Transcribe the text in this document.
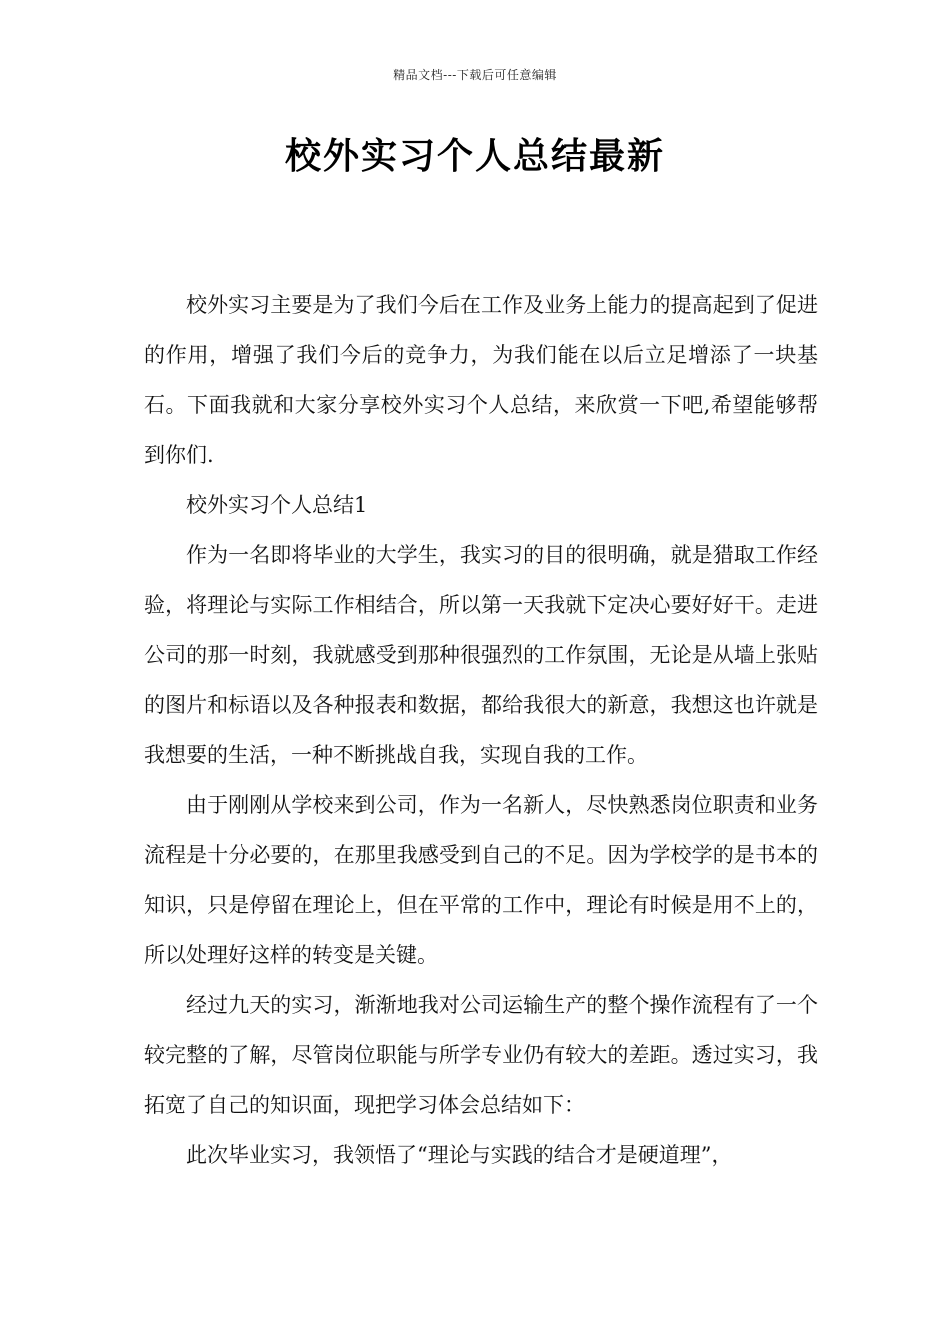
精品文档---下载后可任意编辑
校外实习个人总结最新

校外实习主要是为了我们今后在工作及业务上能力的提高起到了促进的作用，增强了我们今后的竞争力，为我们能在以后立足增添了一块基石。下面我就和大家分享校外实习个人总结，来欣赏一下吧,希望能够帮到你们.

校外实习个人总结1

作为一名即将毕业的大学生，我实习的目的很明确，就是猎取工作经验，将理论与实际工作相结合，所以第一天我就下定决心要好好干。走进公司的那一时刻，我就感受到那种很强烈的工作氛围，无论是从墙上张贴的图片和标语以及各种报表和数据，都给我很大的新意，我想这也许就是我想要的生活，一种不断挑战自我，实现自我的工作。

由于刚刚从学校来到公司，作为一名新人，尽快熟悉岗位职责和业务流程是十分必要的，在那里我感受到自己的不足。因为学校学的是书本的知识，只是停留在理论上，但在平常的工作中，理论有时候是用不上的，所以处理好这样的转变是关键。

经过九天的实习，渐渐地我对公司运输生产的整个操作流程有了一个较完整的了解，尽管岗位职能与所学专业仍有较大的差距。透过实习，我拓宽了自己的知识面，现把学习体会总结如下：

此次毕业实习，我领悟了“理论与实践的结合才是硬道理”，
